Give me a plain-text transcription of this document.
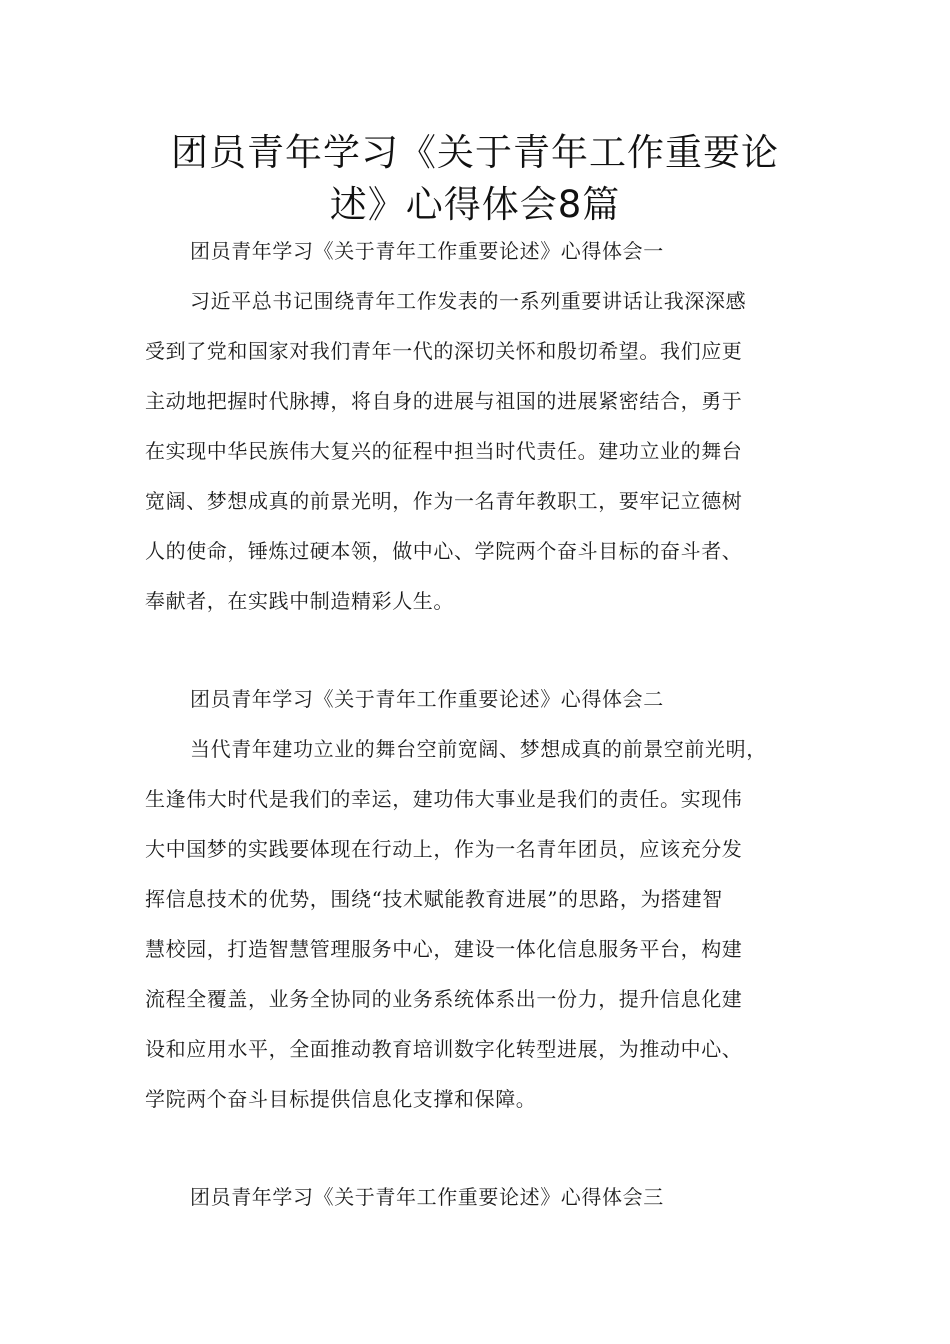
团员青年学习《关于青年工作重要论
述》心得体会8篇
团员青年学习《关于青年工作重要论述》心得体会一
习近平总书记围绕青年工作发表的一系列重要讲话让我深深感
受到了党和国家对我们青年一代的深切关怀和殷切希望。我们应更
主动地把握时代脉搏，将自身的进展与祖国的进展紧密结合，勇于
在实现中华民族伟大复兴的征程中担当时代责任。建功立业的舞台
宽阔、梦想成真的前景光明，作为一名青年教职工，要牢记立德树
人的使命，锤炼过硬本领，做中心、学院两个奋斗目标的奋斗者、
奉献者，在实践中制造精彩人生。
团员青年学习《关于青年工作重要论述》心得体会二
当代青年建功立业的舞台空前宽阔、梦想成真的前景空前光明，
生逢伟大时代是我们的幸运，建功伟大事业是我们的责任。实现伟
大中国梦的实践要体现在行动上，作为一名青年团员，应该充分发
挥信息技术的优势，围绕“技术赋能教育进展”的思路，为搭建智
慧校园，打造智慧管理服务中心，建设一体化信息服务平台，构建
流程全覆盖，业务全协同的业务系统体系出一份力，提升信息化建
设和应用水平，全面推动教育培训数字化转型进展，为推动中心、
学院两个奋斗目标提供信息化支撑和保障。
团员青年学习《关于青年工作重要论述》心得体会三
